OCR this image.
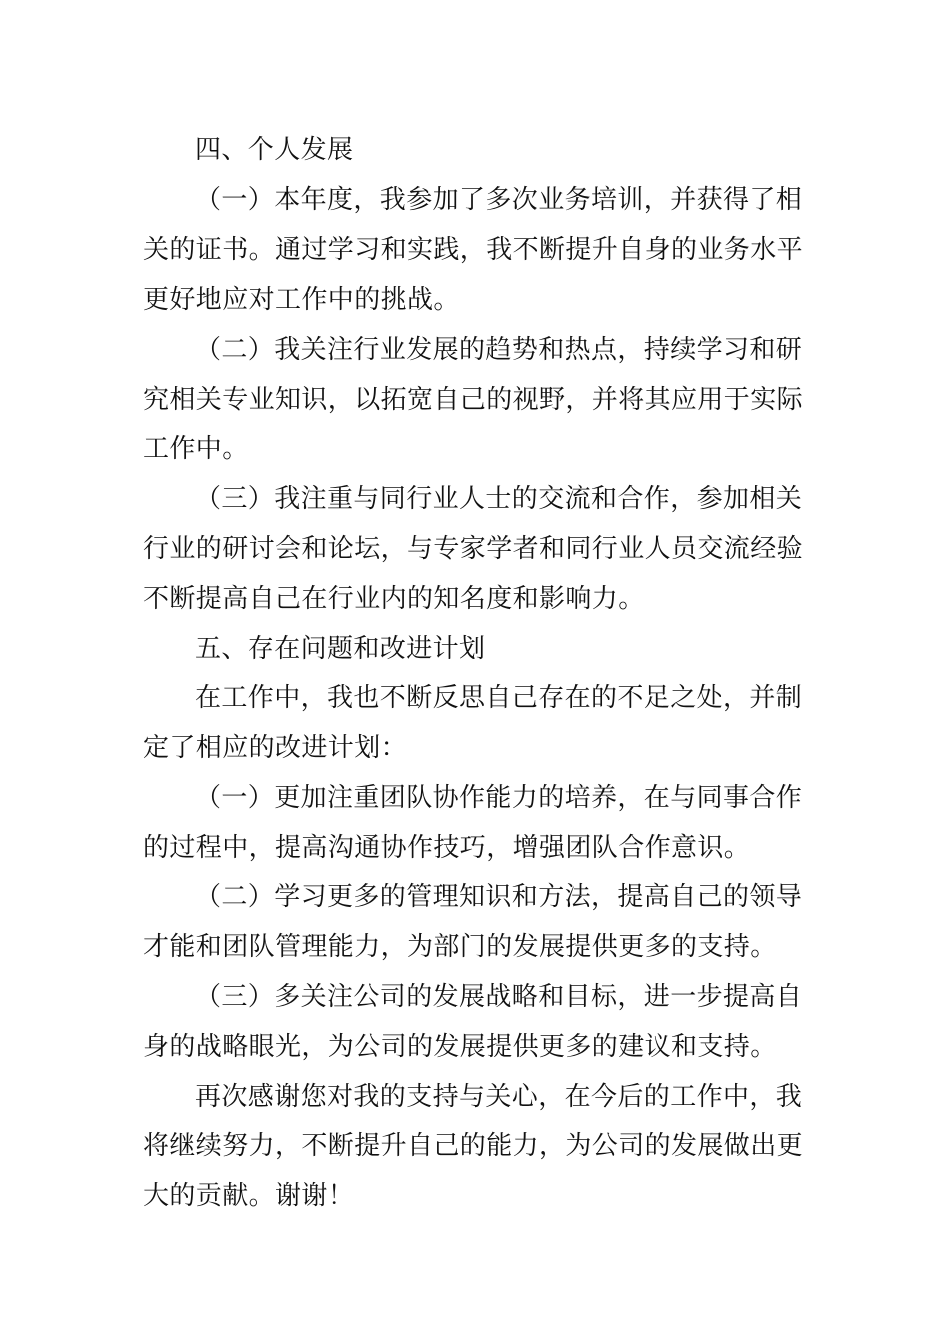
四、个人发展
（一）本年度，我参加了多次业务培训，并获得了相
关的证书。通过学习和实践，我不断提升自身的业务水平
更好地应对工作中的挑战。
（二）我关注行业发展的趋势和热点，持续学习和研
究相关专业知识，以拓宽自己的视野，并将其应用于实际
工作中。
（三）我注重与同行业人士的交流和合作，参加相关
行业的研讨会和论坛，与专家学者和同行业人员交流经验
不断提高自己在行业内的知名度和影响力。
五、存在问题和改进计划
在工作中，我也不断反思自己存在的不足之处，并制
定了相应的改进计划：
（一）更加注重团队协作能力的培养，在与同事合作
的过程中，提高沟通协作技巧，增强团队合作意识。
（二）学习更多的管理知识和方法，提高自己的领导
才能和团队管理能力，为部门的发展提供更多的支持。
（三）多关注公司的发展战略和目标，进一步提高自
身的战略眼光，为公司的发展提供更多的建议和支持。
再次感谢您对我的支持与关心，在今后的工作中，我
将继续努力，不断提升自己的能力，为公司的发展做出更
大的贡献。谢谢！
